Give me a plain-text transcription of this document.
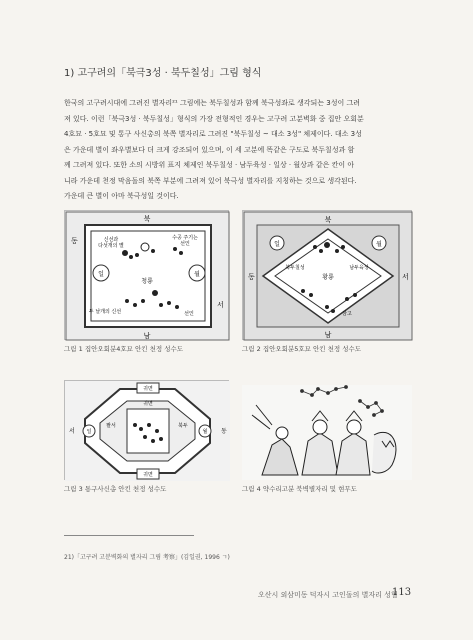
1) 고구려의「북극3성 · 북두칠성」그림 형식

한국의 고구려시대에 그려진 별자리²¹ 그림에는 북두칠성과 함께 북극성좌로 생각되는 3성이 그려

져 있다. 이런「북극3성 · 북두칠성」형식의 가장 전형적인 경우는 고구려 고분벽화 중 집안 오회분

4호묘 · 5호묘 및 통구 사신총의 북쪽 별자리로 그려진 "북두칠성 ~ 대소 3성" 체제이다. 대소 3성

은 가운데 별이 좌우별보다 더 크게 강조되어 있으며, 이 세 고분에 똑같은 구도로 북두칠성과 함

께 그려져 있다. 또한 소의 시방위 표지 체제인 북두칠성 · 남두육성 · 일상 · 월상과 같은 칸이 아

니라 가운데 천정 막음돌의 북쪽 부분에 그려져 있어 북극성 별자리를 지칭하는 것으로 생각된다.

가운데 큰 별이 아마 북극성일 것이다.

북
남
동
서
일	월
청룡
신선과
다섯개의 별
수공 주기는
선인
두 날개의 신선	선인
북
남
동	서
일	월
황룡
북두칠성	남두육성
삼고
귀면
귀면
서	동
일	월
팔서
귀면
북두
그림 1 집안오회분4호묘 안킨 천정 성수도	그림 2 집안오회분5호묘 안킨 천정 성수도
그림 3 통구사신총 안킨 천정 성수도	그림 4 약수리고분 북벽별자리 및 현무도
21)「고구려 고분벽화의 별자리 그림 考察」(김일권, 1996 ㄱ)
오산시 외삼미동 덕자시 고인돌의 별자리 성혈
113
